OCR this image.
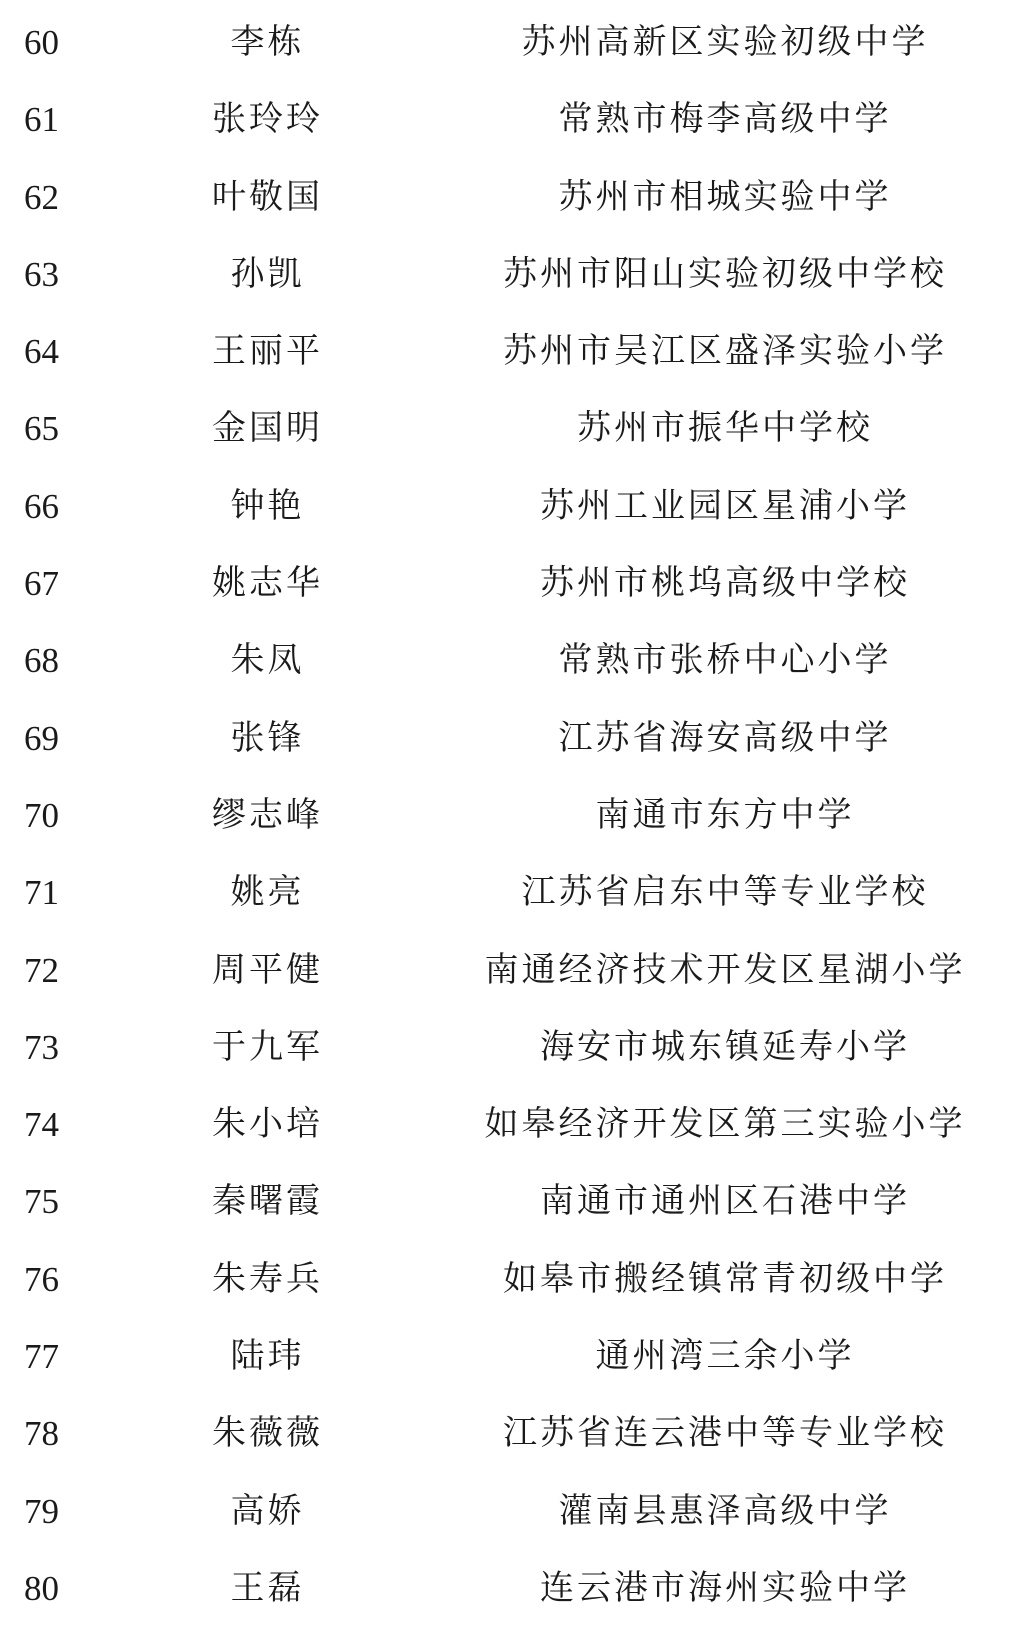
60	李栋	苏州高新区实验初级中学
61	张玲玲	常熟市梅李高级中学
62	叶敬国	苏州市相城实验中学
63	孙凯	苏州市阳山实验初级中学校
64	王丽平	苏州市吴江区盛泽实验小学
65	金国明	苏州市振华中学校
66	钟艳	苏州工业园区星浦小学
67	姚志华	苏州市桃坞高级中学校
68	朱凤	常熟市张桥中心小学
69	张锋	江苏省海安高级中学
70	缪志峰	南通市东方中学
71	姚亮	江苏省启东中等专业学校
72	周平健	南通经济技术开发区星湖小学
73	于九军	海安市城东镇延寿小学
74	朱小培	如皋经济开发区第三实验小学
75	秦曙霞	南通市通州区石港中学
76	朱寿兵	如皋市搬经镇常青初级中学
77	陆玮	通州湾三余小学
78	朱薇薇	江苏省连云港中等专业学校
79	高娇	灌南县惠泽高级中学
80	王磊	连云港市海州实验中学
